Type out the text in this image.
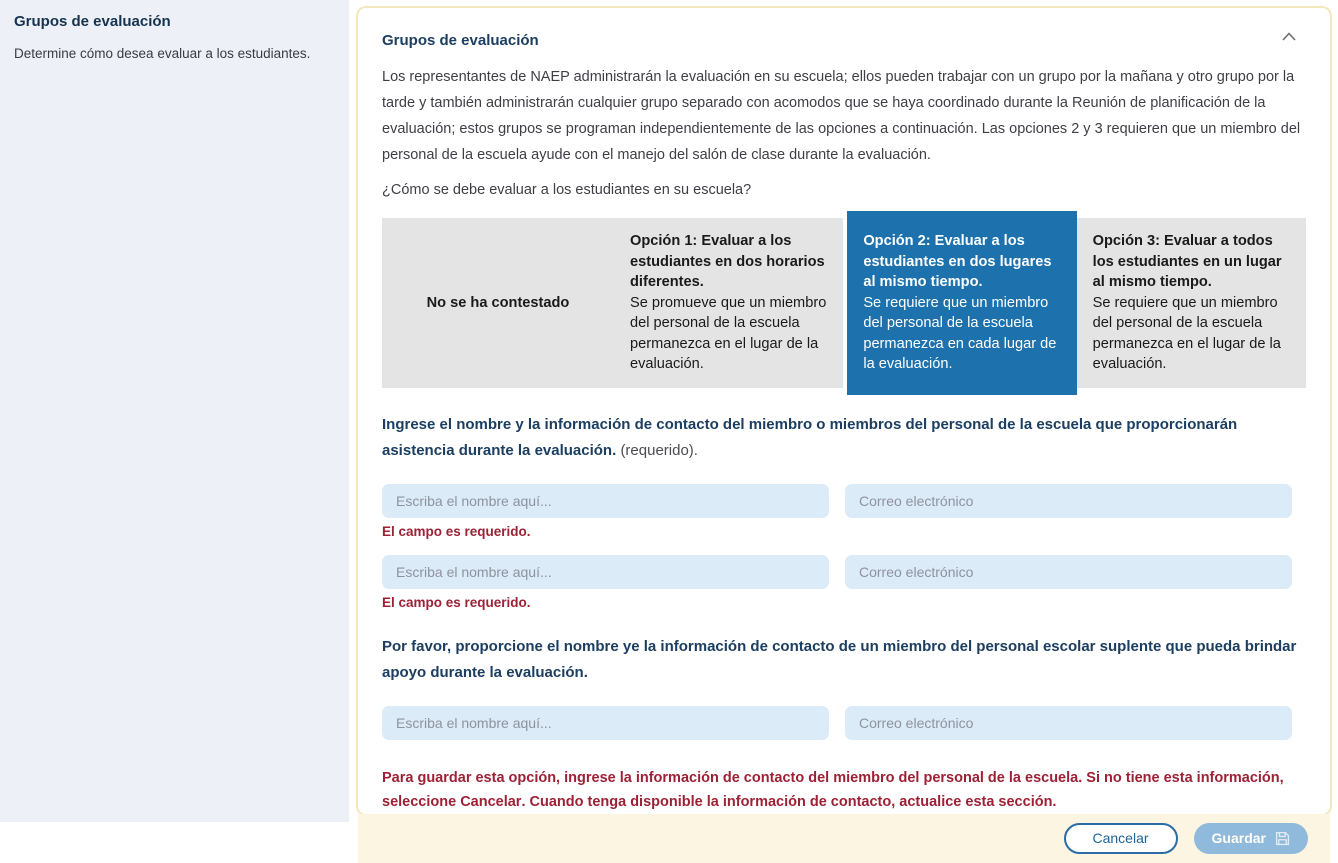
Grupos de evaluación
Determine cómo desea evaluar a los estudiantes.
Grupos de evaluación

Los representantes de NAEP administrarán la evaluación en su escuela; ellos pueden trabajar con un grupo por la mañana y otro grupo por la tarde y también administrarán cualquier grupo separado con acomodos que se haya coordinado durante la Reunión de planificación de la evaluación; estos grupos se programan independientemente de las opciones a continuación. Las opciones 2 y 3 requieren que un miembro del personal de la escuela ayude con el manejo del salón de clase durante la evaluación.

¿Cómo se debe evaluar a los estudiantes en su escuela?

No se ha contestado
Opción 1: Evaluar a los estudiantes en dos horarios diferentes.
Se promueve que un miembro del personal de la escuela permanezca en el lugar de la evaluación.
Opción 2: Evaluar a los estudiantes en dos lugares al mismo tiempo.
Se requiere que un miembro del personal de la escuela permanezca en cada lugar de la evaluación.
Opción 3: Evaluar a todos los estudiantes en un lugar al mismo tiempo.
Se requiere que un miembro del personal de la escuela permanezca en el lugar de la evaluación.

Ingrese el nombre y la información de contacto del miembro o miembros del personal de la escuela que proporcionarán asistencia durante la evaluación. (requerido).

Escriba el nombre aquí...
El campo es requerido.
Correo electrónico
Escriba el nombre aquí...
El campo es requerido.
Correo electrónico

Por favor, proporcione el nombre ye la información de contacto de un miembro del personal escolar suplente que pueda brindar apoyo durante la evaluación.

Escriba el nombre aquí...
Correo electrónico

Para guardar esta opción, ingrese la información de contacto del miembro del personal de la escuela. Si no tiene esta información, seleccione Cancelar. Cuando tenga disponible la información de contacto, actualice esta sección.

Cancelar	Guardar
